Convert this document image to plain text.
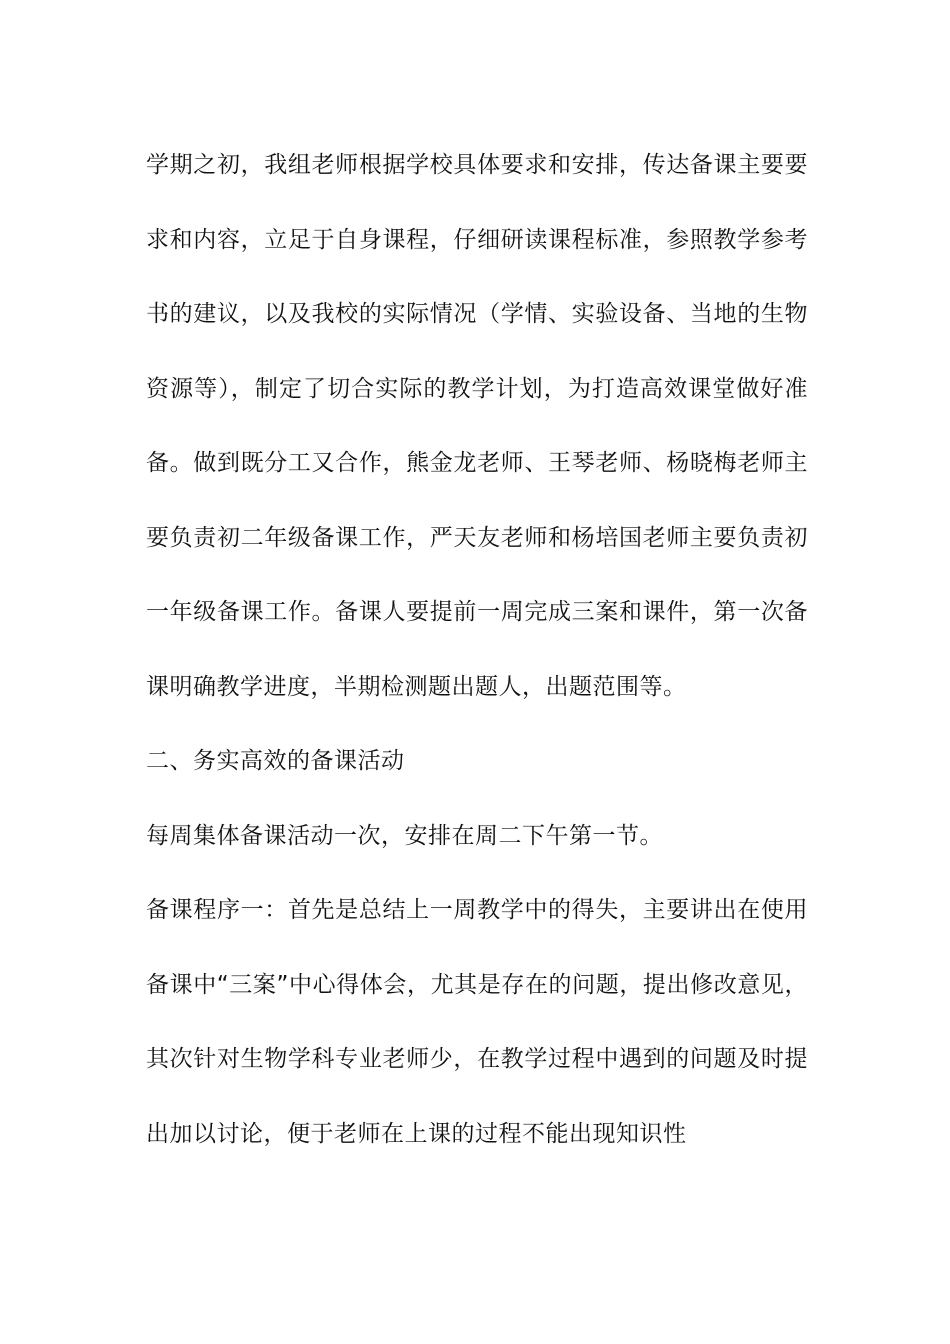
学期之初，我组老师根据学校具体要求和安排，传达备课主要要求和内容，立足于自身课程，仔细研读课程标准，参照教学参考书的建议，以及我校的实际情况（学情、实验设备、当地的生物资源等），制定了切合实际的教学计划，为打造高效课堂做好准备。做到既分工又合作，熊金龙老师、王琴老师、杨晓梅老师主要负责初二年级备课工作，严天友老师和杨培国老师主要负责初一年级备课工作。备课人要提前一周完成三案和课件，第一次备课明确教学进度，半期检测题出题人，出题范围等。

二、务实高效的备课活动

每周集体备课活动一次，安排在周二下午第一节。

备课程序一：首先是总结上一周教学中的得失，主要讲出在使用备课中“三案”中心得体会，尤其是存在的问题，提出修改意见，其次针对生物学科专业老师少，在教学过程中遇到的问题及时提出加以讨论，便于老师在上课的过程不能出现知识性
